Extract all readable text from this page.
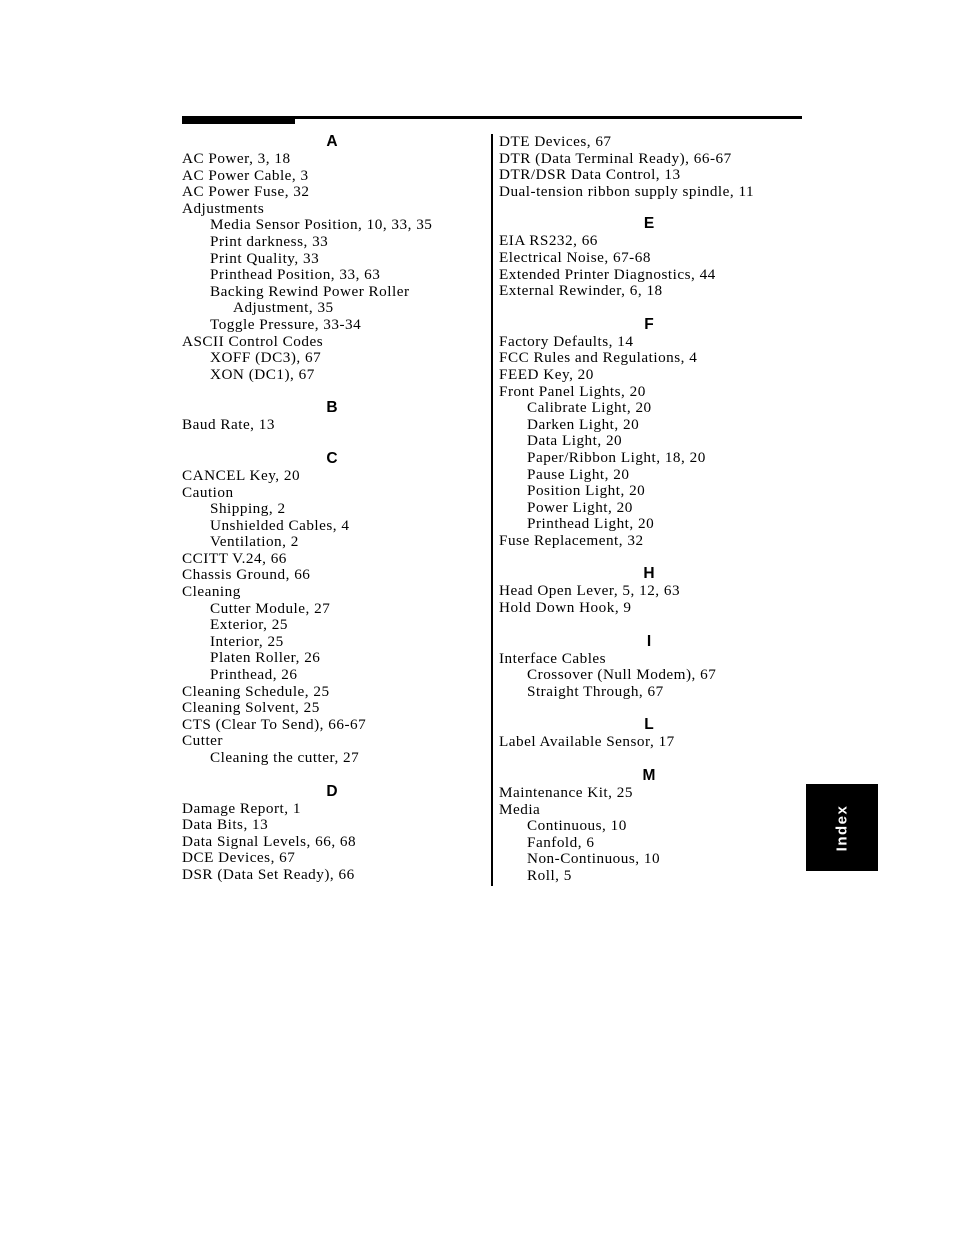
A
AC Power, 3, 18
AC Power Cable, 3
AC Power Fuse, 32
Adjustments
Media Sensor Position, 10, 33, 35
Print darkness, 33
Print Quality, 33
Printhead Position, 33, 63
Backing Rewind Power Roller
Adjustment, 35
Toggle Pressure, 33-34
ASCII Control Codes
XOFF (DC3), 67
XON (DC1), 67
B
Baud Rate, 13
C
CANCEL Key, 20
Caution
Shipping, 2
Unshielded Cables, 4
Ventilation, 2
CCITT V.24, 66
Chassis Ground, 66
Cleaning
Cutter Module, 27
Exterior, 25
Interior, 25
Platen Roller, 26
Printhead, 26
Cleaning Schedule, 25
Cleaning Solvent, 25
CTS (Clear To Send), 66-67
Cutter
Cleaning the cutter, 27
D
Damage Report, 1
Data Bits, 13
Data Signal Levels, 66, 68
DCE Devices, 67
DSR (Data Set Ready), 66
DTE Devices, 67
DTR (Data Terminal Ready), 66-67
DTR/DSR Data Control, 13
Dual-tension ribbon supply spindle, 11
E
EIA RS232, 66
Electrical Noise, 67-68
Extended Printer Diagnostics, 44
External Rewinder, 6, 18
F
Factory Defaults, 14
FCC Rules and Regulations, 4
FEED Key, 20
Front Panel Lights, 20
Calibrate Light, 20
Darken Light, 20
Data Light, 20
Paper/Ribbon Light, 18, 20
Pause Light, 20
Position Light, 20
Power Light, 20
Printhead Light, 20
Fuse Replacement, 32
H
Head Open Lever, 5, 12, 63
Hold Down Hook, 9
I
Interface Cables
Crossover (Null Modem), 67
Straight Through, 67
L
Label Available Sensor, 17
M
Maintenance Kit, 25
Media
Continuous, 10
Fanfold, 6
Non-Continuous, 10
Roll, 5
Index
